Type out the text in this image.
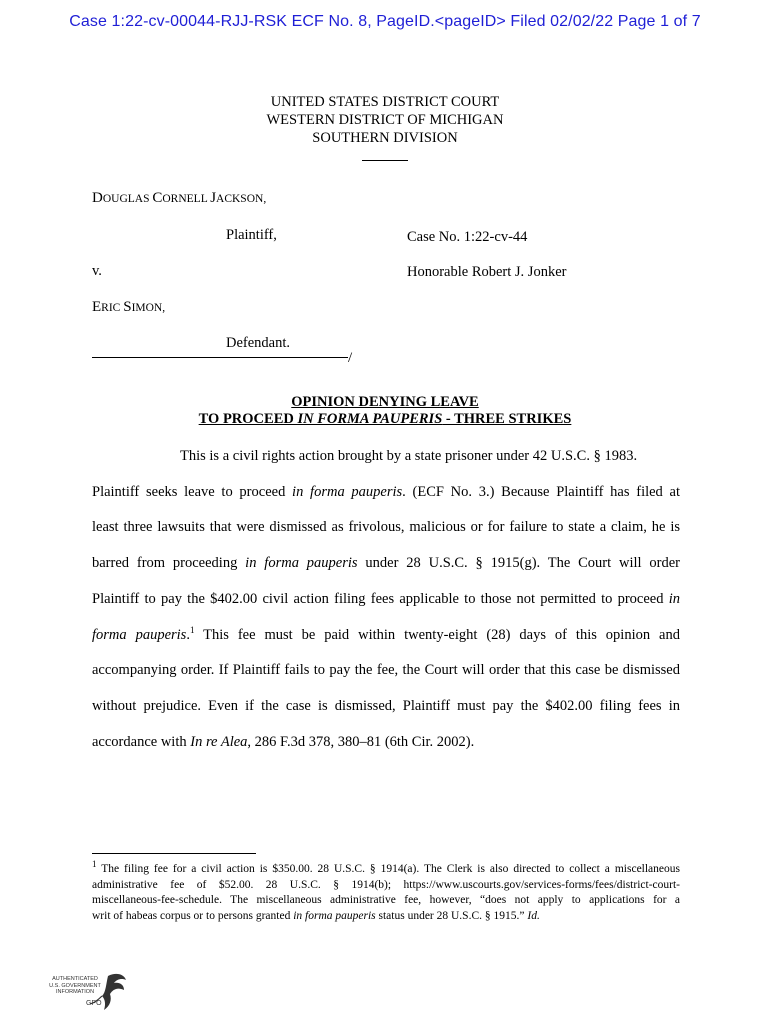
Case 1:22-cv-00044-RJJ-RSK ECF No. 8, PageID.<pageID> Filed 02/02/22 Page 1 of 7
UNITED STATES DISTRICT COURT
WESTERN DISTRICT OF MICHIGAN
SOUTHERN DIVISION
DOUGLAS CORNELL JACKSON,
Plaintiff,	Case No. 1:22-cv-44
v.	Honorable Robert J. Jonker
ERIC SIMON,
Defendant.
/
OPINION DENYING LEAVE
TO PROCEED IN FORMA PAUPERIS - THREE STRIKES
This is a civil rights action brought by a state prisoner under 42 U.S.C. § 1983.
Plaintiff seeks leave to proceed in forma pauperis. (ECF No. 3.) Because Plaintiff has filed at
least three lawsuits that were dismissed as frivolous, malicious or for failure to state a claim, he is
barred from proceeding in forma pauperis under 28 U.S.C. § 1915(g). The Court will order
Plaintiff to pay the $402.00 civil action filing fees applicable to those not permitted to proceed in
forma pauperis.$^1$ This fee must be paid within twenty-eight (28) days of this opinion and
accompanying order. If Plaintiff fails to pay the fee, the Court will order that this case be dismissed
without prejudice. Even if the case is dismissed, Plaintiff must pay the $402.00 filing fees in
accordance with In re Alea, 286 F.3d 378, 380–81 (6th Cir. 2002).
$^1$ The filing fee for a civil action is $350.00. 28 U.S.C. § 1914(a). The Clerk is also directed to collect a miscellaneous
administrative fee of $52.00. 28 U.S.C. § 1914(b); https://www.uscourts.gov/services-forms/fees/district-court-
miscellaneous-fee-schedule. The miscellaneous administrative fee, however, “does not apply to applications for a
writ of habeas corpus or to persons granted in forma pauperis status under 28 U.S.C. § 1915.” Id.
AUTHENTICATED
U.S. GOVERNMENT
INFORMATION
GPO
